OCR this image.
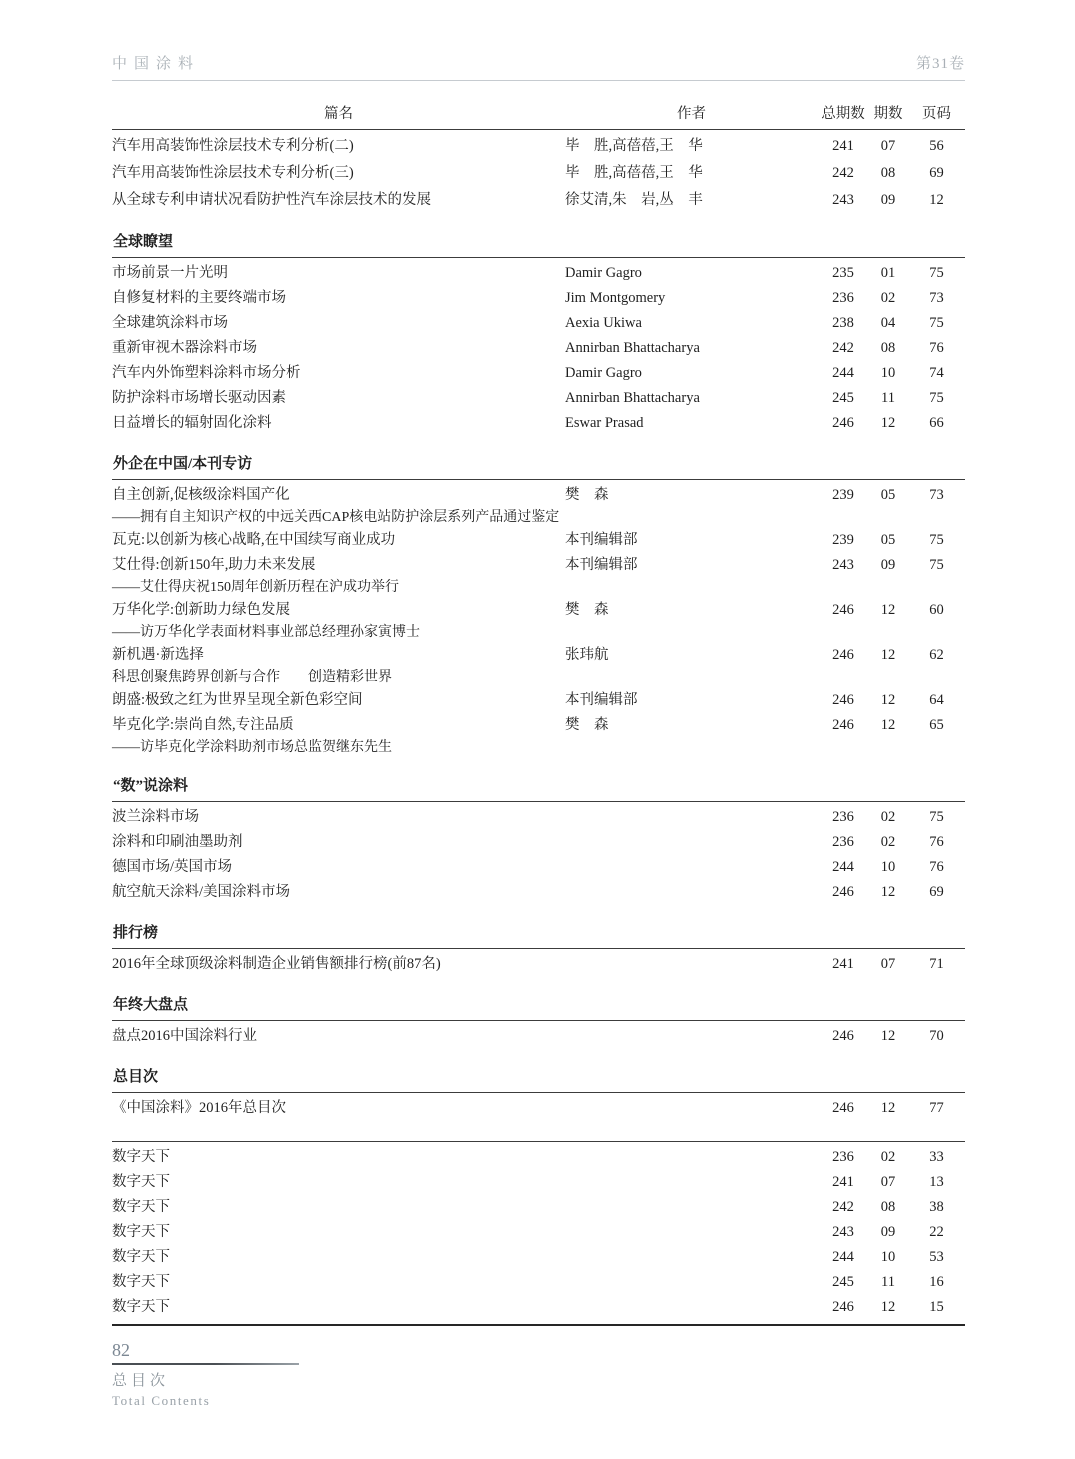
中国涂料	第31卷
篇名	作者	总期数 期数	页码
汽车用高装饰性涂层技术专利分析(二)	毕　胜,高蓓蓓,王　华	241	07	56
汽车用高装饰性涂层技术专利分析(三)	毕　胜,高蓓蓓,王　华	242	08	69
从全球专利申请状况看防护性汽车涂层技术的发展	徐艾清,朱　岩,丛　丰	243	09	12
全球瞭望
市场前景一片光明	Damir Gagro	235	01	75
自修复材料的主要终端市场	Jim Montgomery	236	02	73
全球建筑涂料市场	Aexia Ukiwa	238	04	75
重新审视木器涂料市场	Annirban Bhattacharya	242	08	76
汽车内外饰塑料涂料市场分析	Damir Gagro	244	10	74
防护涂料市场增长驱动因素	Annirban Bhattacharya	245	11	75
日益增长的辐射固化涂料	Eswar Prasad	246	12	66
外企在中国/本刊专访
自主创新,促核级涂料国产化	樊　森	239	05	73
——拥有自主知识产权的中远关西CAP核电站防护涂层系列产品通过鉴定
瓦克:以创新为核心战略,在中国续写商业成功	本刊编辑部	239	05	75
艾仕得:创新150年,助力未来发展	本刊编辑部	243	09	75
——艾仕得庆祝150周年创新历程在沪成功举行
万华化学:创新助力绿色发展	樊　森	246	12	60
——访万华化学表面材料事业部总经理孙家寅博士
新机遇·新选择	张玮航	246	12	62
科思创聚焦跨界创新与合作　　创造精彩世界
朗盛:极致之红为世界呈现全新色彩空间	本刊编辑部	246	12	64
毕克化学:崇尚自然,专注品质	樊　森	246	12	65
——访毕克化学涂料助剂市场总监贺继东先生
“数”说涂料
波兰涂料市场	236	02	75
涂料和印刷油墨助剂	236	02	76
德国市场/英国市场	244	10	76
航空航天涂料/美国涂料市场	246	12	69
排行榜
2016年全球顶级涂料制造企业销售额排行榜(前87名)	241	07	71
年终大盘点
盘点2016中国涂料行业	246	12	70
总目次
《中国涂料》2016年总目次	246	12	77
数字天下	236	02	33
数字天下	241	07	13
数字天下	242	08	38
数字天下	243	09	22
数字天下	244	10	53
数字天下	245	11	16
数字天下	246	12	15
82
总目次
Total Contents
